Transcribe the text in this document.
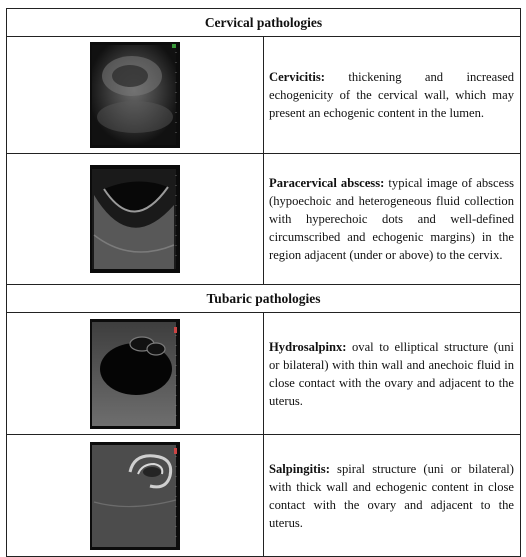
Cervical pathologies	

Cervicitis: thickening and increased echogenicity of the cervical wall, which may present an echogenic content in the lumen.

Paracervical abscess: typical image of abscess (hypoechoic and heterogeneous fluid collection with hyperechoic dots and well-defined circumscribed and echogenic margins) in the region adjacent (under or above) to the cervix.

Tubaric pathologies	

Hydrosalpinx: oval to elliptical structure (uni or bilateral) with thin wall and anechoic fluid in close contact with the ovary and adjacent to the uterus.

Salpingitis: spiral structure (uni or bilateral) with thick wall and echogenic content in close contact with the ovary and adjacent to the uterus.
